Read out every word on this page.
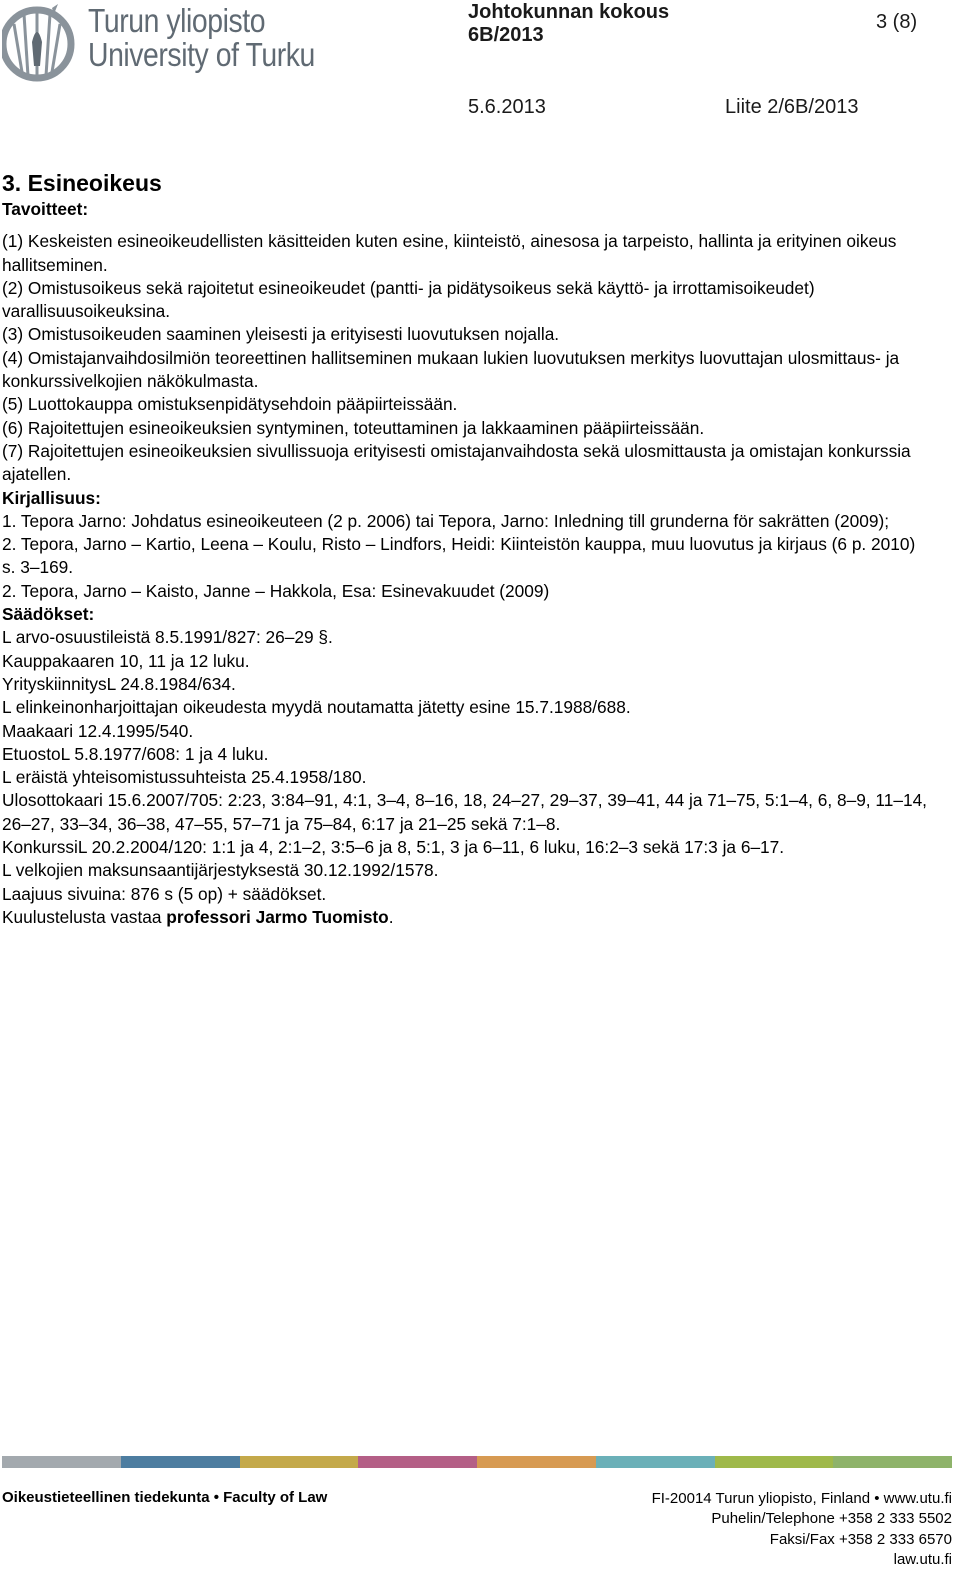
Turun yliopisto
University of Turku
Johtokunnan kokous
6B/2013
3 (8)
5.6.2013	Liite 2/6B/2013
3. Esineoikeus

Tavoitteet:

(1) Keskeisten esineoikeudellisten käsitteiden kuten esine, kiinteistö, ainesosa ja tarpeisto, hallinta ja erityinen oikeus hallitseminen.

(2) Omistusoikeus sekä rajoitetut esineoikeudet (pantti- ja pidätysoikeus sekä käyttö- ja irrottamisoikeudet) varallisuusoikeuksina.

(3) Omistusoikeuden saaminen yleisesti ja erityisesti luovutuksen nojalla.

(4) Omistajanvaihdosilmiön teoreettinen hallitseminen mukaan lukien luovutuksen merkitys luovuttajan ulosmittaus- ja konkurssivelkojien näkökulmasta.

(5) Luottokauppa omistuksenpidätysehdoin pääpiirteissään.

(6) Rajoitettujen esineoikeuksien syntyminen, toteuttaminen ja lakkaaminen pääpiirteissään.

(7) Rajoitettujen esineoikeuksien sivullissuoja erityisesti omistajanvaihdosta sekä ulosmittausta ja omistajan konkurssia ajatellen.

Kirjallisuus:

1. Tepora Jarno: Johdatus esineoikeuteen (2 p. 2006) tai Tepora, Jarno: Inledning till grunderna för sakrätten (2009);

2. Tepora, Jarno – Kartio, Leena – Koulu, Risto – Lindfors, Heidi: Kiinteistön kauppa, muu luovutus ja kirjaus (6 p. 2010) s. 3–169.

2. Tepora, Jarno – Kaisto, Janne – Hakkola, Esa: Esinevakuudet (2009)

Säädökset:

L arvo-osuustileistä 8.5.1991/827: 26–29 §.

Kauppakaaren 10, 11 ja 12 luku.

YrityskiinnitysL 24.8.1984/634.

L elinkeinonharjoittajan oikeudesta myydä noutamatta jätetty esine 15.7.1988/688.

Maakaari 12.4.1995/540.

EtuostoL 5.8.1977/608: 1 ja 4 luku.

L eräistä yhteisomistussuhteista 25.4.1958/180.

Ulosottokaari 15.6.2007/705: 2:23, 3:84–91, 4:1, 3–4, 8–16, 18, 24–27, 29–37, 39–41, 44 ja 71–75, 5:1–4, 6, 8–9, 11–14, 26–27, 33–34, 36–38, 47–55, 57–71 ja 75–84, 6:17 ja 21–25 sekä 7:1–8.

KonkurssiL 20.2.2004/120: 1:1 ja 4, 2:1–2, 3:5–6 ja 8, 5:1, 3 ja 6–11, 6 luku, 16:2–3 sekä 17:3 ja 6–17.

L velkojien maksunsaantijärjestyksestä 30.12.1992/1578.

Laajuus sivuina: 876 s (5 op) + säädökset.

Kuulustelusta vastaa professori Jarmo Tuomisto.

Oikeustieteellinen tiedekunta • Faculty of Law	FI-20014 Turun yliopisto, Finland • www.utu.fi
Puhelin/Telephone +358 2 333 5502
Faksi/Fax +358 2 333 6570
law.utu.fi
